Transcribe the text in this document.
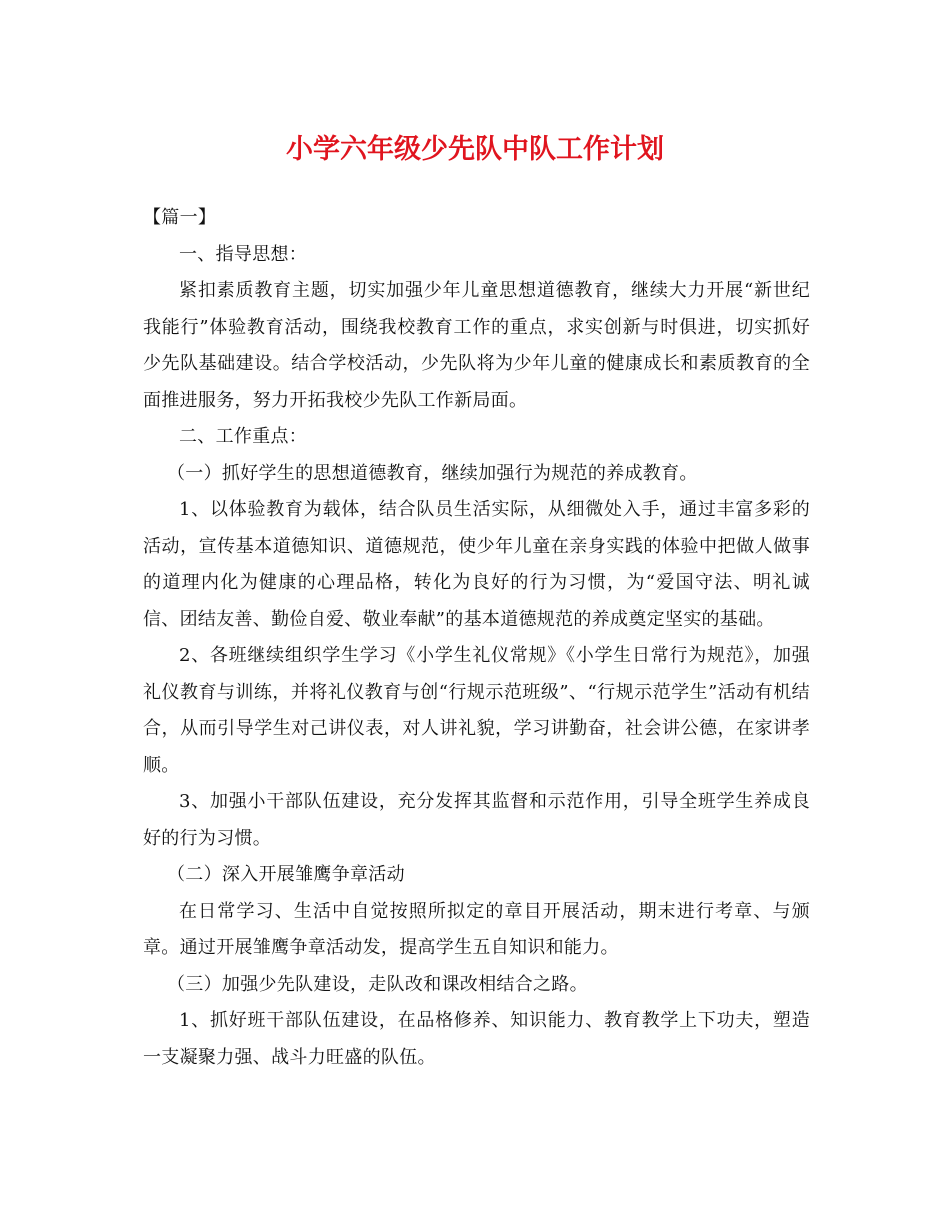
小学六年级少先队中队工作计划

【篇一】

一、指导思想：

紧扣素质教育主题，切实加强少年儿童思想道德教育，继续大力开展“新世纪我能行”体验教育活动，围绕我校教育工作的重点，求实创新与时俱进，切实抓好少先队基础建设。结合学校活动，少先队将为少年儿童的健康成长和素质教育的全面推进服务，努力开拓我校少先队工作新局面。

二、工作重点：

（一）抓好学生的思想道德教育，继续加强行为规范的养成教育。

1、以体验教育为载体，结合队员生活实际，从细微处入手，通过丰富多彩的活动，宣传基本道德知识、道德规范，使少年儿童在亲身实践的体验中把做人做事的道理内化为健康的心理品格，转化为良好的行为习惯，为“爱国守法、明礼诚信、团结友善、勤俭自爱、敬业奉献”的基本道德规范的养成奠定坚实的基础。

2、各班继续组织学生学习《小学生礼仪常规》《小学生日常行为规范》，加强礼仪教育与训练，并将礼仪教育与创“行规示范班级”、“行规示范学生”活动有机结合，从而引导学生对己讲仪表，对人讲礼貌，学习讲勤奋，社会讲公德，在家讲孝顺。

3、加强小干部队伍建设，充分发挥其监督和示范作用，引导全班学生养成良好的行为习惯。

（二）深入开展雏鹰争章活动

在日常学习、生活中自觉按照所拟定的章目开展活动，期末进行考章、与颁章。通过开展雏鹰争章活动发，提高学生五自知识和能力。

（三）加强少先队建设，走队改和课改相结合之路。

1、抓好班干部队伍建设，在品格修养、知识能力、教育教学上下功夫，塑造一支凝聚力强、战斗力旺盛的队伍。
